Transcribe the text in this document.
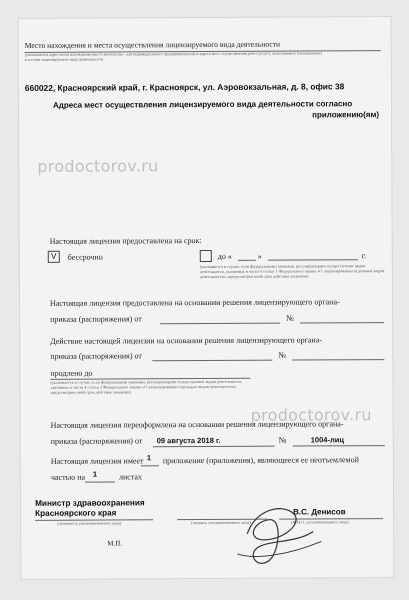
Место нахождения и места осуществления лицензируемого вида деятельности
(указываются адрес места нахождения (места жительства - для индивидуального предпринимателя) и адреса мест осуществления работ (услуг), выполняемых (оказываемых) в составе лицензируемого вида деятельности)
660022, Красноярский край, г. Красноярск, ул. Аэровокзальная, д. 8, офис 38
Адреса мест осуществления лицензируемого вида деятельности согласно
приложению(ям)
Настоящая лицензия предоставлена на срок:
V	бессрочно	до «	»	г.
(указывается в случае, если федеральными законами, регулирующими осуществление видов деятельности, указанных в части 4 статьи 1 Федерального закона «О лицензировании отдельных видов деятельности», предусмотрен иной срок действия лицензии)
Настоящая лицензия предоставлена на основании решения лицензирующего органа-
приказа (распоряжения) от	№
Действие настоящей лицензии на основании решения лицензирующего органа-
приказа (распоряжения) от	№
продлено до
(указывается в случае, если федеральными законами, регулирующими осуществление видов деятельности, указанных в части 4 статьи 1 Федерального закона «О лицензировании отдельных видов деятельности», предусмотрен иной срок действия лицензии)
Настоящая лицензия переоформлена на основании решения лицензирующего органа-
приказа (распоряжения) от	09 августа 2018 г.	№	1004-лиц
Настоящая лицензия имеет 1	приложение (приложения), являющееся ее неотъемлемой
частью на	1	листах
Министр здравоохранения
Красноярского края
(должность уполномоченного лица)	(подпись уполномоченного лица)
В.С. Денисов
(Ф.И.О. уполномоченного лица)
М.П.
prodoctorov.ru
prodoctorov.ru
